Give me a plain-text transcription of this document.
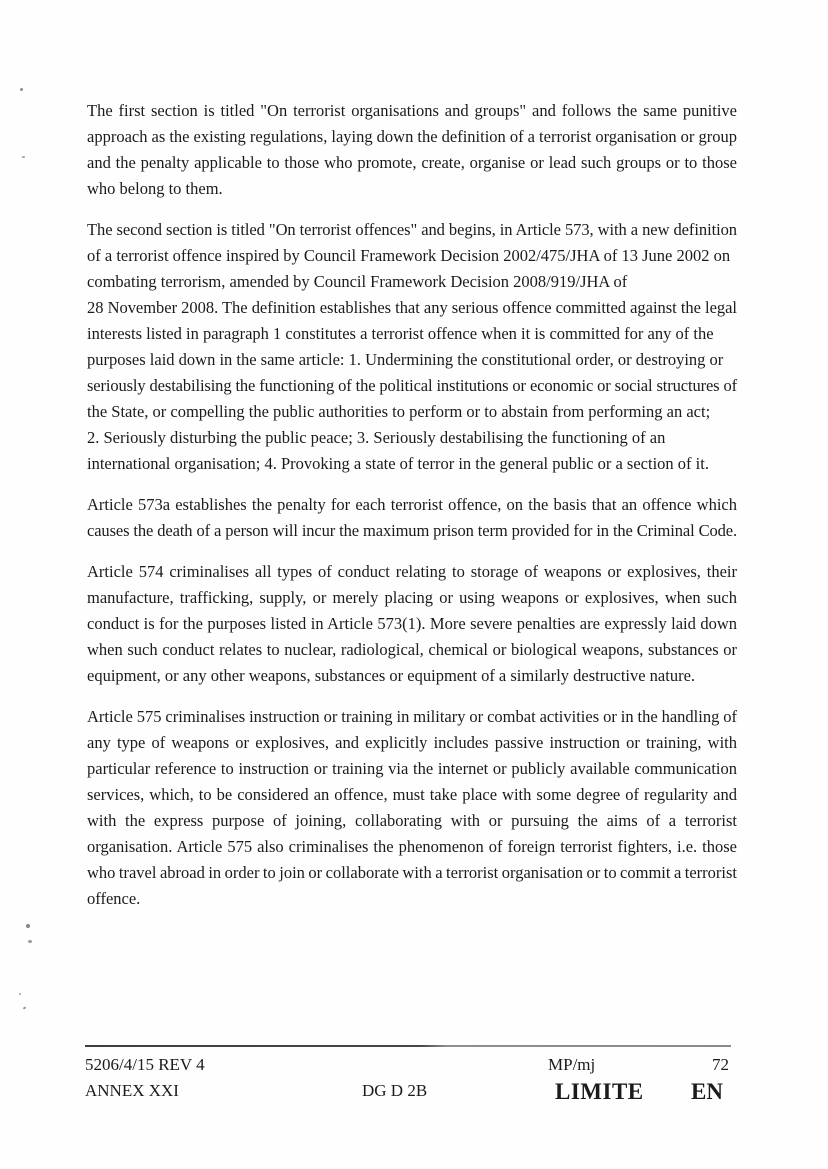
The first section is titled "On terrorist organisations and groups" and follows the same punitive
approach as the existing regulations, laying down the definition of a terrorist organisation or group
and the penalty applicable to those who promote, create, organise or lead such groups or to those
who belong to them.
The second section is titled "On terrorist offences" and begins, in Article 573, with a new definition
of a terrorist offence inspired by Council Framework Decision 2002/475/JHA of 13 June 2002 on
combating terrorism, amended by Council Framework Decision 2008/919/JHA of
28 November 2008. The definition establishes that any serious offence committed against the legal
interests listed in paragraph 1 constitutes a terrorist offence when it is committed for any of the
purposes laid down in the same article: 1. Undermining the constitutional order, or destroying or
seriously destabilising the functioning of the political institutions or economic or social structures of
the State, or compelling the public authorities to perform or to abstain from performing an act;
2. Seriously disturbing the public peace; 3. Seriously destabilising the functioning of an
international organisation; 4. Provoking a state of terror in the general public or a section of it.
Article 573a establishes the penalty for each terrorist offence, on the basis that an offence which
causes the death of a person will incur the maximum prison term provided for in the Criminal Code.
Article 574 criminalises all types of conduct relating to storage of weapons or explosives, their
manufacture, trafficking, supply, or merely placing or using weapons or explosives, when such
conduct is for the purposes listed in Article 573(1). More severe penalties are expressly laid down
when such conduct relates to nuclear, radiological, chemical or biological weapons, substances or
equipment, or any other weapons, substances or equipment of a similarly destructive nature.
Article 575 criminalises instruction or training in military or combat activities or in the handling of
any type of weapons or explosives, and explicitly includes passive instruction or training, with
particular reference to instruction or training via the internet or publicly available communication
services, which, to be considered an offence, must take place with some degree of regularity and
with the express purpose of joining, collaborating with or pursuing the aims of a terrorist
organisation. Article 575 also criminalises the phenomenon of foreign terrorist fighters, i.e. those
who travel abroad in order to join or collaborate with a terrorist organisation or to commit a terrorist
offence.
5206/4/15 REV 4	MP/mj	72
ANNEX XXI	DG D 2B	LIMITE EN
